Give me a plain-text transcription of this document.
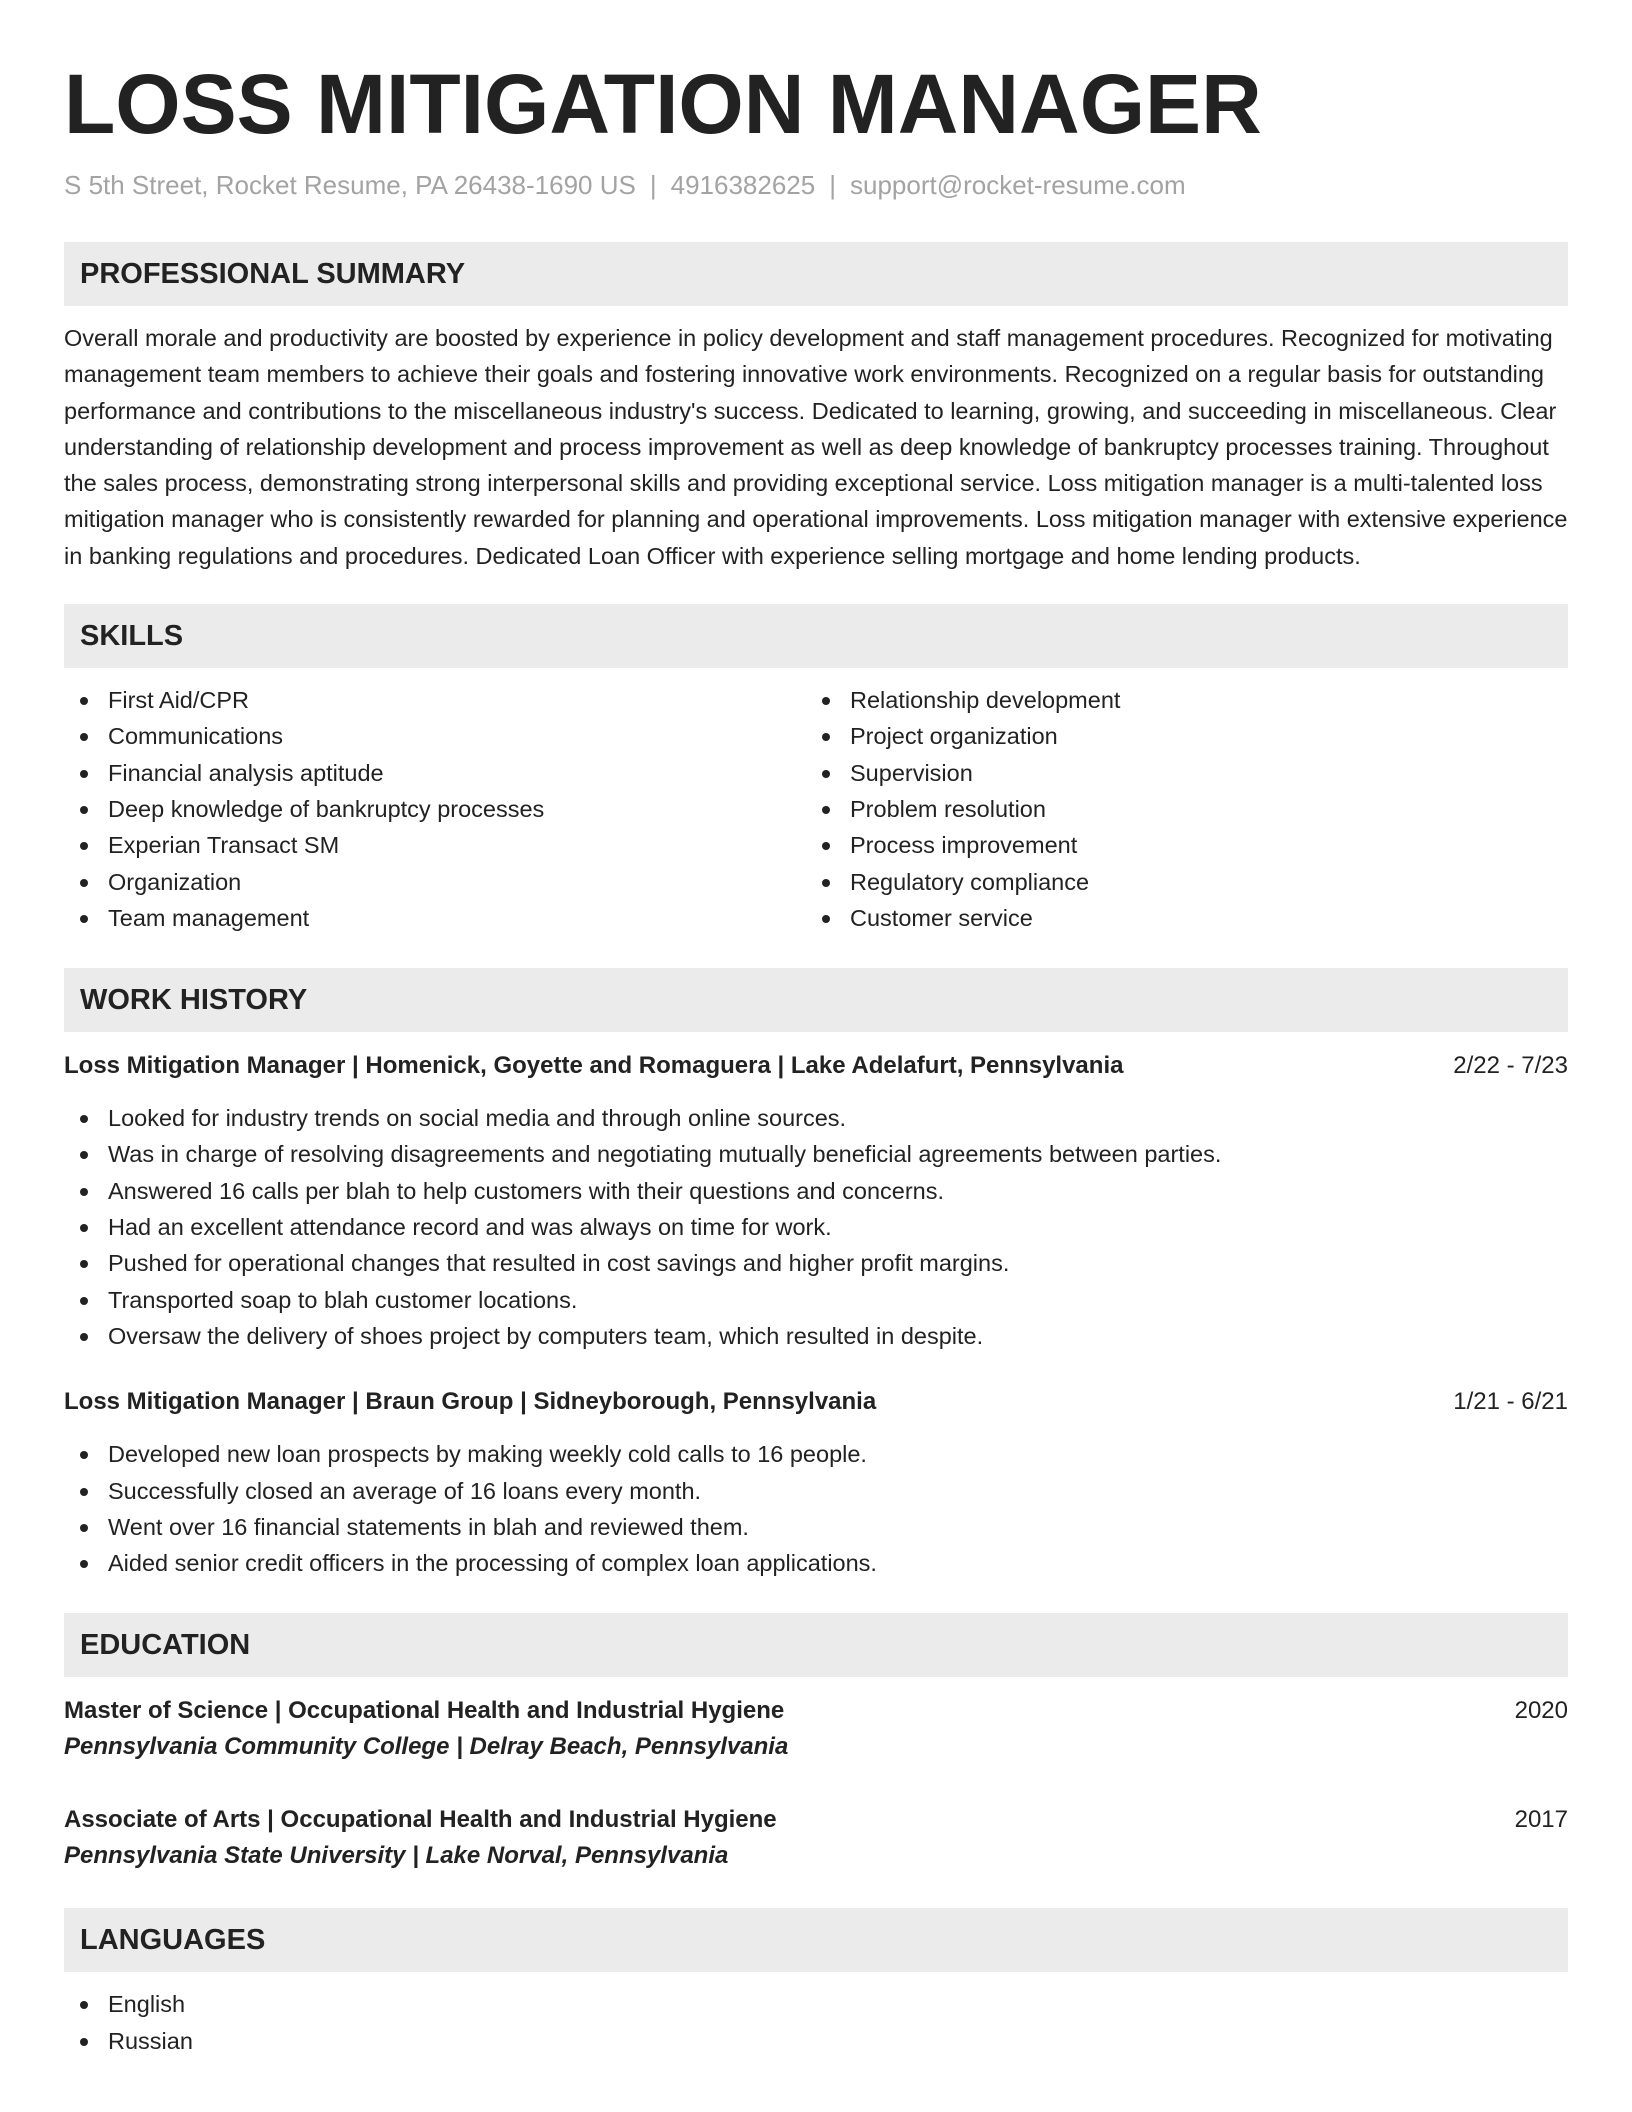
LOSS MITIGATION MANAGER
S 5th Street, Rocket Resume, PA 26438-1690 US | 4916382625 | support@rocket-resume.com
PROFESSIONAL SUMMARY

Overall morale and productivity are boosted by experience in policy development and staff management procedures. Recognized for motivating management team members to achieve their goals and fostering innovative work environments. Recognized on a regular basis for outstanding performance and contributions to the miscellaneous industry's success. Dedicated to learning, growing, and succeeding in miscellaneous. Clear understanding of relationship development and process improvement as well as deep knowledge of bankruptcy processes training. Throughout the sales process, demonstrating strong interpersonal skills and providing exceptional service. Loss mitigation manager is a multi-talented loss mitigation manager who is consistently rewarded for planning and operational improvements. Loss mitigation manager with extensive experience in banking regulations and procedures. Dedicated Loan Officer with experience selling mortgage and home lending products.

SKILLS
First Aid/CPR
Communications
Financial analysis aptitude
Deep knowledge of bankruptcy processes
Experian Transact SM
Organization
Team management
Relationship development
Project organization
Supervision
Problem resolution
Process improvement
Regulatory compliance
Customer service
WORK HISTORY
Loss Mitigation Manager | Homenick, Goyette and Romaguera | Lake Adelafurt, Pennsylvania	2/22 - 7/23
Looked for industry trends on social media and through online sources.
Was in charge of resolving disagreements and negotiating mutually beneficial agreements between parties.
Answered 16 calls per blah to help customers with their questions and concerns.
Had an excellent attendance record and was always on time for work.
Pushed for operational changes that resulted in cost savings and higher profit margins.
Transported soap to blah customer locations.
Oversaw the delivery of shoes project by computers team, which resulted in despite.
Loss Mitigation Manager | Braun Group | Sidneyborough, Pennsylvania	1/21 - 6/21
Developed new loan prospects by making weekly cold calls to 16 people.
Successfully closed an average of 16 loans every month.
Went over 16 financial statements in blah and reviewed them.
Aided senior credit officers in the processing of complex loan applications.
EDUCATION
Master of Science | Occupational Health and Industrial Hygiene	2020
Pennsylvania Community College | Delray Beach, Pennsylvania
Associate of Arts | Occupational Health and Industrial Hygiene	2017
Pennsylvania State University | Lake Norval, Pennsylvania
LANGUAGES
English
Russian
